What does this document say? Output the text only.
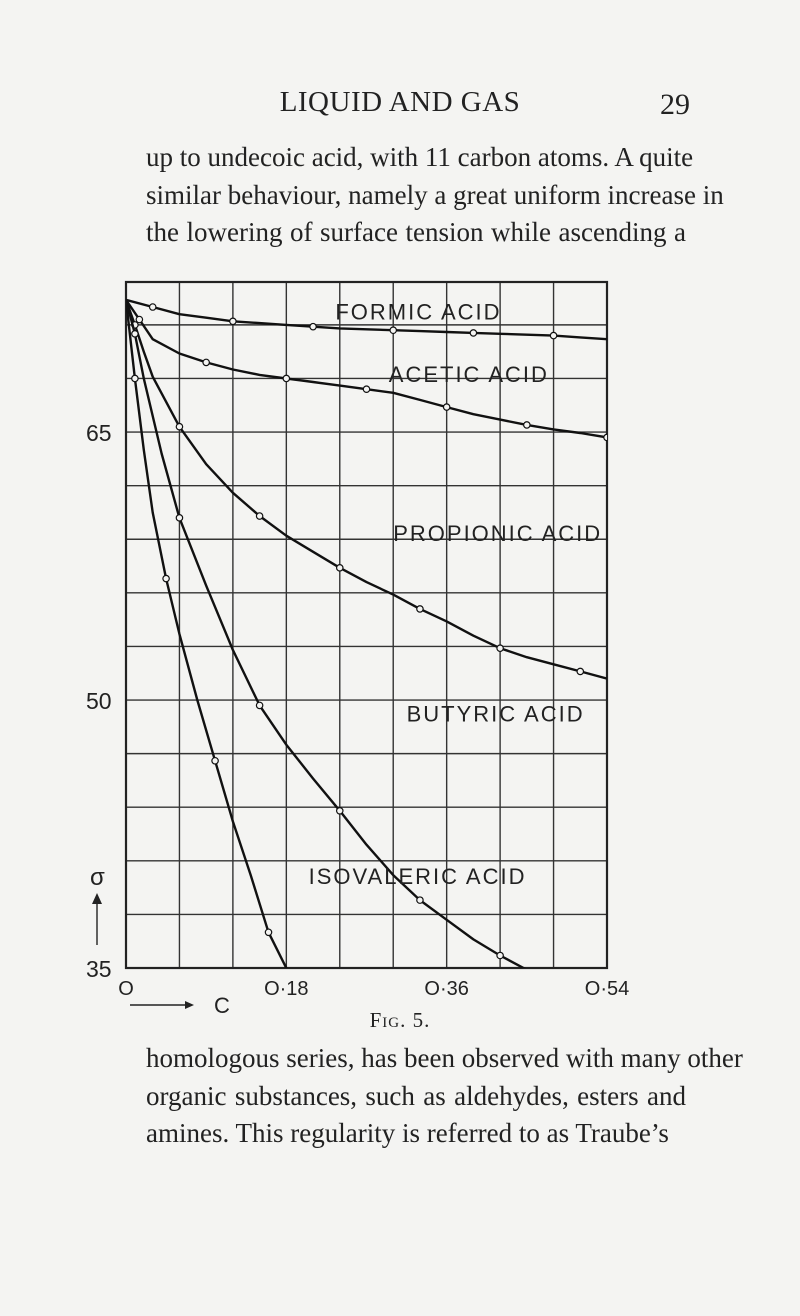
LIQUID AND GAS	29
up to undecoic acid, with 11 carbon atoms. A quite
similar behaviour, namely a great uniform increase in
the lowering of surface tension while ascending a
FORMIC ACID
ACETIC ACID
PROPIONIC ACID
BUTYRIC ACID
ISOVALERIC ACID
65
50
35
O	O·18	O·36	O·54
C
σ
Fig. 5.
homologous series, has been observed with many other
organic substances, such as aldehydes, esters and
amines. This regularity is referred to as Traube’s
